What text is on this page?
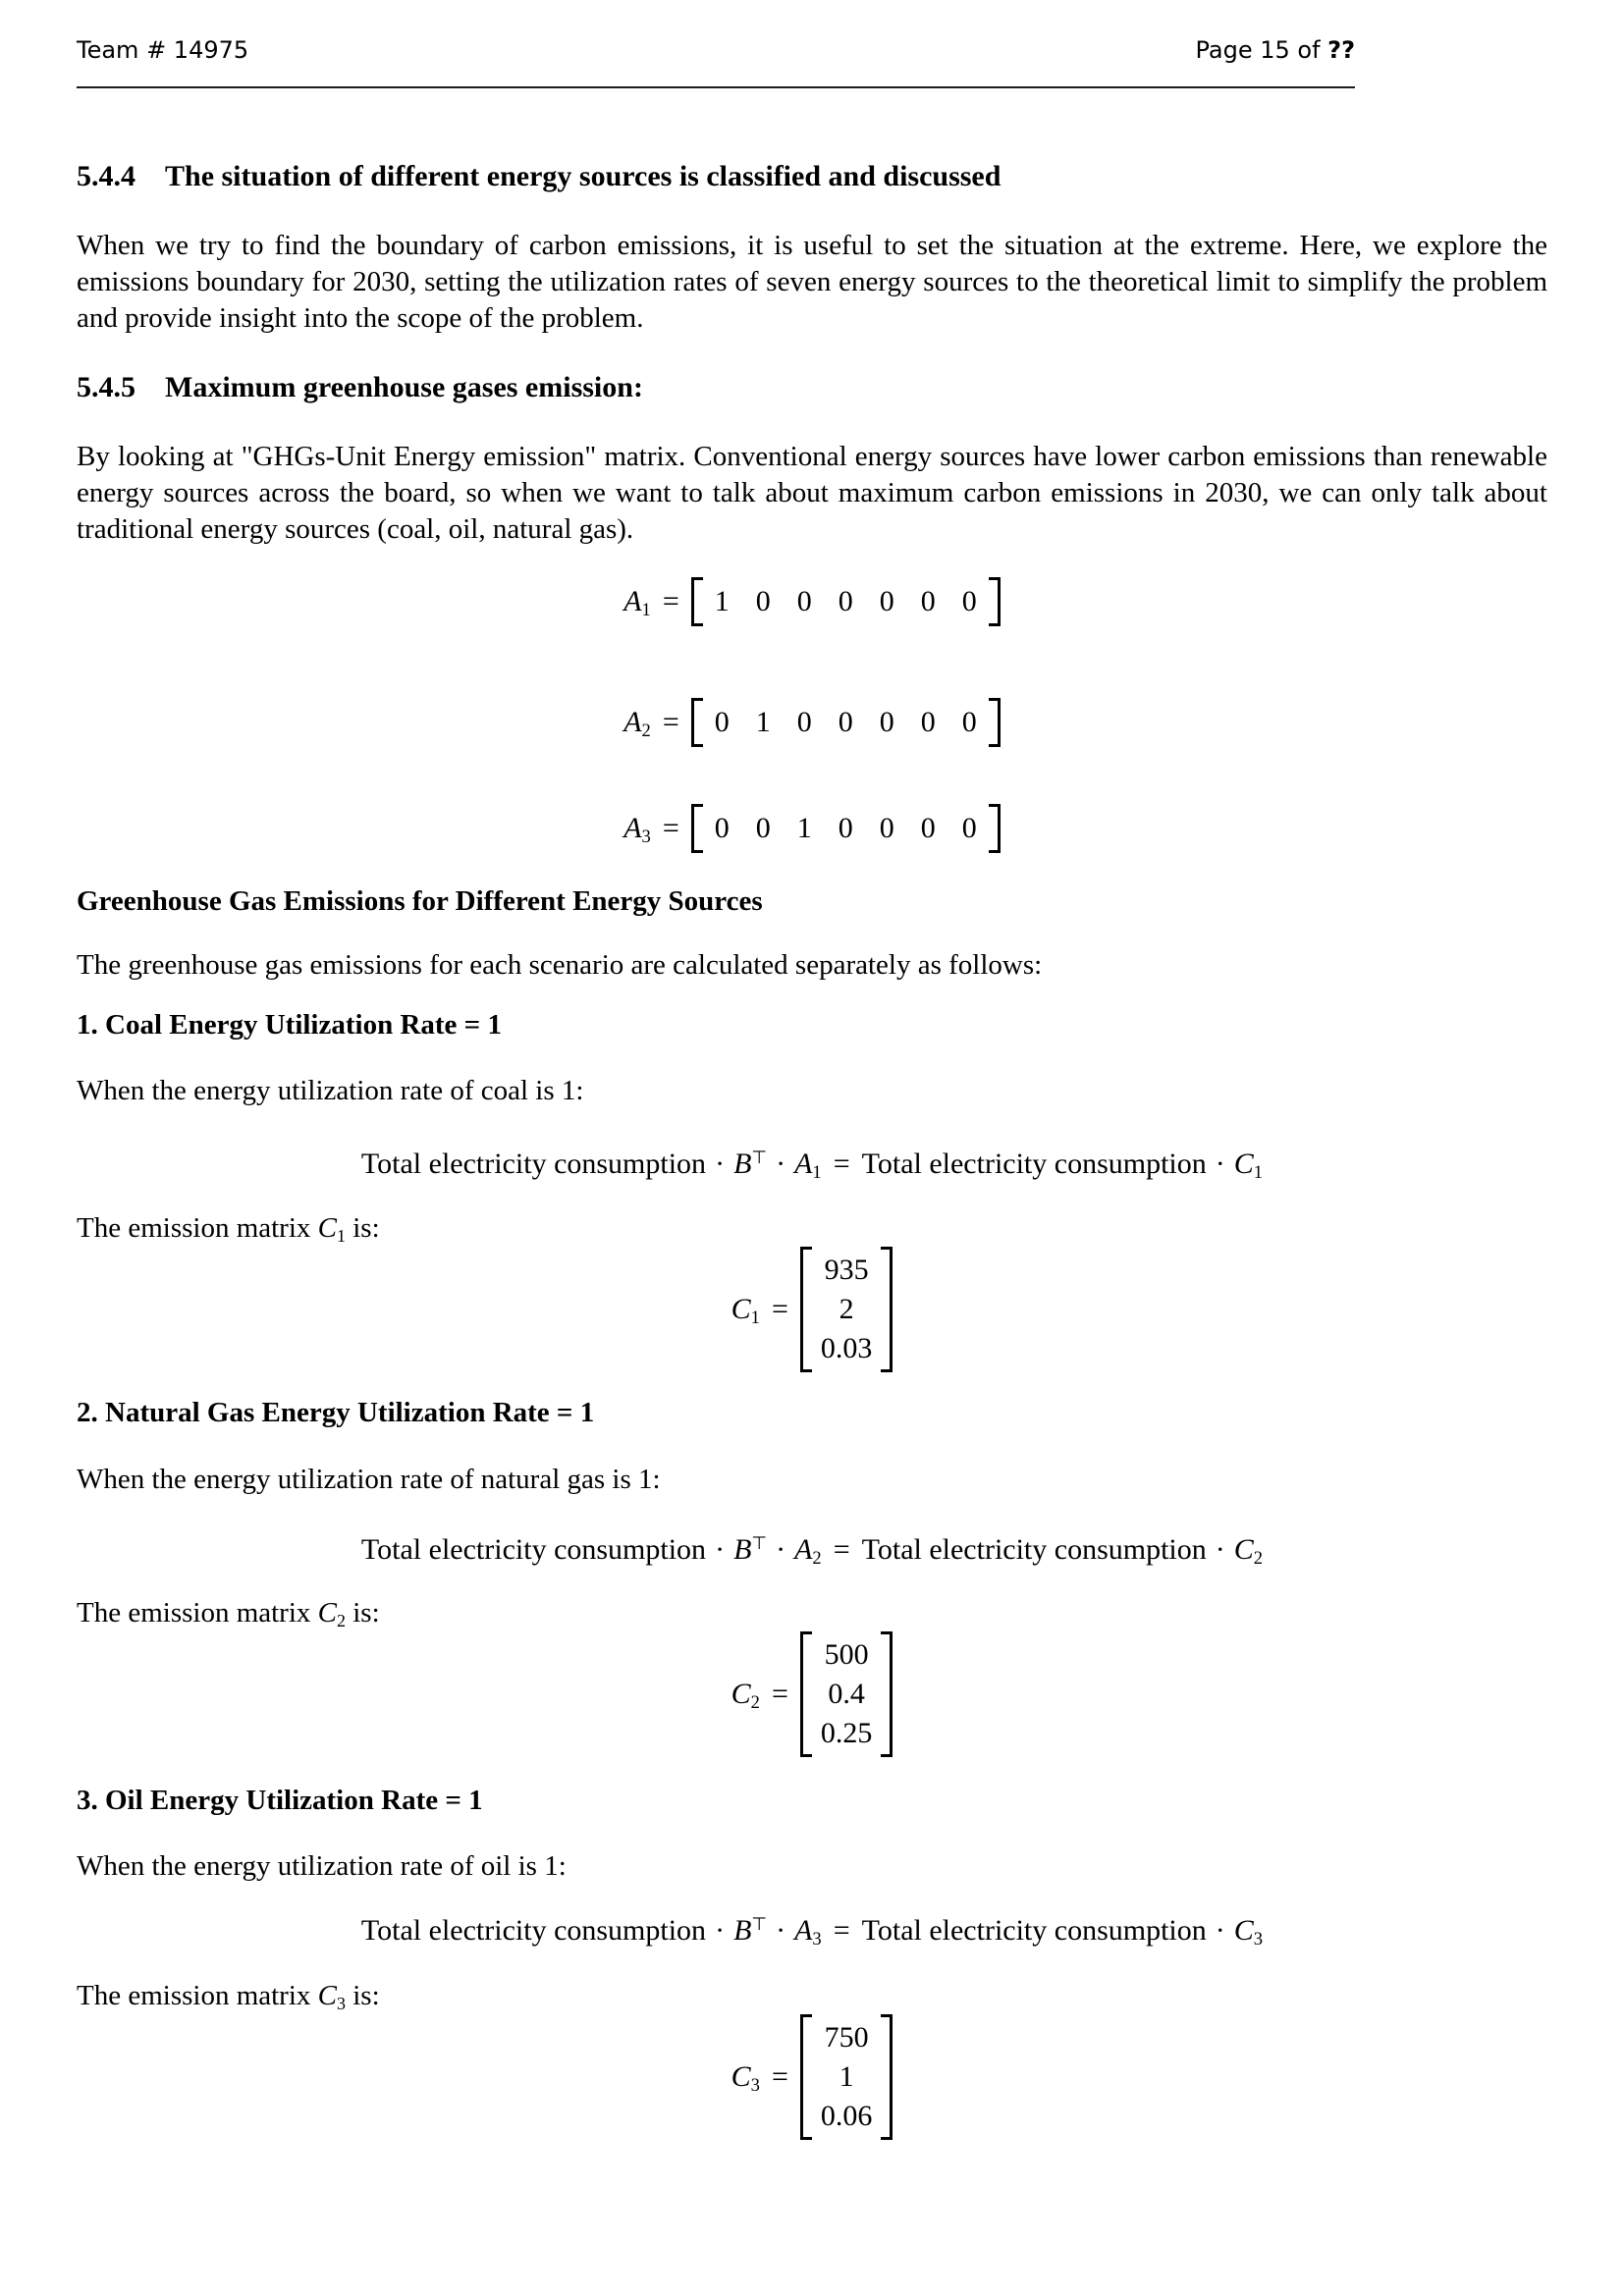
Team # 14975	Page 15 of ??
5.4.4 The situation of different energy sources is classified and discussed

When we try to find the boundary of carbon emissions, it is useful to set the situation at the extreme. Here, we explore the emissions boundary for 2030, setting the utilization rates of seven energy sources to the theoretical limit to simplify the problem and provide insight into the scope of the problem.

5.4.5 Maximum greenhouse gases emission:

By looking at "GHGs-Unit Energy emission" matrix. Conventional energy sources have lower carbon emissions than renewable energy sources across the board, so when we want to talk about maximum carbon emissions in 2030, we can only talk about traditional energy sources (coal, oil, natural gas).

$A_1 = 1$ 0 0 0 0 0 0
$A_2 = 0$ 1 0 0 0 0 0
$A_3 = 0$ 0 1 0 0 0 0
Greenhouse Gas Emissions for Different Energy Sources

The greenhouse gas emissions for each scenario are calculated separately as follows:

1. Coal Energy Utilization Rate = 1

When the energy utilization rate of coal is 1:

Total electricity consumption · $B^⊤ \cdot A_1$ = Total electricity consumption · $C_1$

The emission matrix $C_1$ is:

$C_1$ =
935
2
0.03
2. Natural Gas Energy Utilization Rate = 1

When the energy utilization rate of natural gas is 1:

Total electricity consumption · $B^⊤ \cdot A_2$ = Total electricity consumption · $C_2$

The emission matrix $C_2$ is:

$C_2$ =
500
0.4
0.25
3. Oil Energy Utilization Rate = 1

When the energy utilization rate of oil is 1:

Total electricity consumption · $B^⊤ \cdot A_3$ = Total electricity consumption · $C_3$

The emission matrix $C_3$ is:

$C_3$ =
750
1
0.06
